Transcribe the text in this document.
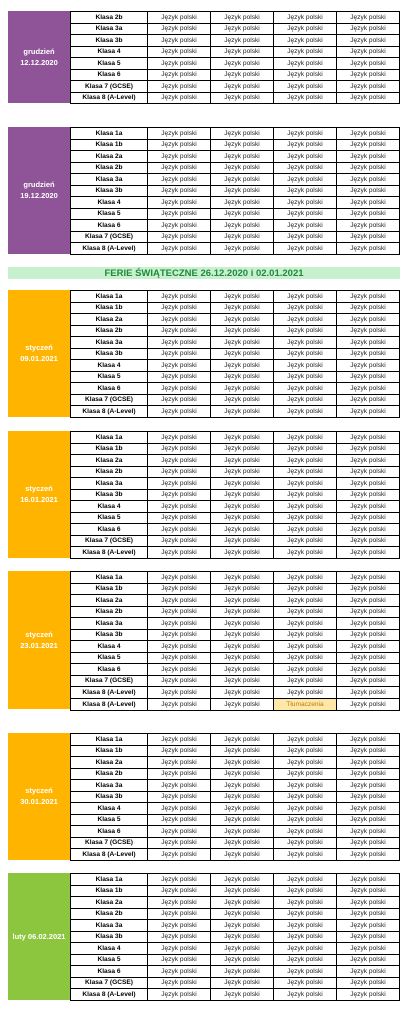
FERIE ŚWIĄTECZNE 26.12.2020 i 02.01.2021
grudzień
12.12.2020
Klasa 2b	Język polski	Język polski	Język polski	Język polski
Klasa 3a	Język polski	Język polski	Język polski	Język polski
Klasa 3b	Język polski	Język polski	Język polski	Język polski
Klasa 4	Język polski	Język polski	Język polski	Język polski
Klasa 5	Język polski	Język polski	Język polski	Język polski
Klasa 6	Język polski	Język polski	Język polski	Język polski
Klasa 7 (GCSE)	Język polski	Język polski	Język polski	Język polski
Klasa 8 (A-Level)	Język polski	Język polski	Język polski	Język polski
grudzień
19.12.2020
Klasa 1a	Język polski	Język polski	Język polski	Język polski
Klasa 1b	Język polski	Język polski	Język polski	Język polski
Klasa 2a	Język polski	Język polski	Język polski	Język polski
Klasa 2b	Język polski	Język polski	Język polski	Język polski
Klasa 3a	Język polski	Język polski	Język polski	Język polski
Klasa 3b	Język polski	Język polski	Język polski	Język polski
Klasa 4	Język polski	Język polski	Język polski	Język polski
Klasa 5	Język polski	Język polski	Język polski	Język polski
Klasa 6	Język polski	Język polski	Język polski	Język polski
Klasa 7 (GCSE)	Język polski	Język polski	Język polski	Język polski
Klasa 8 (A-Level)	Język polski	Język polski	Język polski	Język polski
styczeń
09.01.2021
Klasa 1a	Język polski	Język polski	Język polski	Język polski
Klasa 1b	Język polski	Język polski	Język polski	Język polski
Klasa 2a	Język polski	Język polski	Język polski	Język polski
Klasa 2b	Język polski	Język polski	Język polski	Język polski
Klasa 3a	Język polski	Język polski	Język polski	Język polski
Klasa 3b	Język polski	Język polski	Język polski	Język polski
Klasa 4	Język polski	Język polski	Język polski	Język polski
Klasa 5	Język polski	Język polski	Język polski	Język polski
Klasa 6	Język polski	Język polski	Język polski	Język polski
Klasa 7 (GCSE)	Język polski	Język polski	Język polski	Język polski
Klasa 8 (A-Level)	Język polski	Język polski	Język polski	Język polski
styczeń
16.01.2021
Klasa 1a	Język polski	Język polski	Język polski	Język polski
Klasa 1b	Język polski	Język polski	Język polski	Język polski
Klasa 2a	Język polski	Język polski	Język polski	Język polski
Klasa 2b	Język polski	Język polski	Język polski	Język polski
Klasa 3a	Język polski	Język polski	Język polski	Język polski
Klasa 3b	Język polski	Język polski	Język polski	Język polski
Klasa 4	Język polski	Język polski	Język polski	Język polski
Klasa 5	Język polski	Język polski	Język polski	Język polski
Klasa 6	Język polski	Język polski	Język polski	Język polski
Klasa 7 (GCSE)	Język polski	Język polski	Język polski	Język polski
Klasa 8 (A-Level)	Język polski	Język polski	Język polski	Język polski
styczeń
23.01.2021
Klasa 1a	Język polski	Język polski	Język polski	Język polski
Klasa 1b	Język polski	Język polski	Język polski	Język polski
Klasa 2a	Język polski	Język polski	Język polski	Język polski
Klasa 2b	Język polski	Język polski	Język polski	Język polski
Klasa 3a	Język polski	Język polski	Język polski	Język polski
Klasa 3b	Język polski	Język polski	Język polski	Język polski
Klasa 4	Język polski	Język polski	Język polski	Język polski
Klasa 5	Język polski	Język polski	Język polski	Język polski
Klasa 6	Język polski	Język polski	Język polski	Język polski
Klasa 7 (GCSE)	Język polski	Język polski	Język polski	Język polski
Klasa 8 (A-Level)	Język polski	Język polski	Język polski	Język polski
Klasa 8 (A-Level)	Język polski	Język polski	Tłumaczenia	Język polski
styczeń
30.01.2021
Klasa 1a	Język polski	Język polski	Język polski	Język polski
Klasa 1b	Język polski	Język polski	Język polski	Język polski
Klasa 2a	Język polski	Język polski	Język polski	Język polski
Klasa 2b	Język polski	Język polski	Język polski	Język polski
Klasa 3a	Język polski	Język polski	Język polski	Język polski
Klasa 3b	Język polski	Język polski	Język polski	Język polski
Klasa 4	Język polski	Język polski	Język polski	Język polski
Klasa 5	Język polski	Język polski	Język polski	Język polski
Klasa 6	Język polski	Język polski	Język polski	Język polski
Klasa 7 (GCSE)	Język polski	Język polski	Język polski	Język polski
Klasa 8 (A-Level)	Język polski	Język polski	Język polski	Język polski
luty 06.02.2021
Klasa 1a	Język polski	Język polski	Język polski	Język polski
Klasa 1b	Język polski	Język polski	Język polski	Język polski
Klasa 2a	Język polski	Język polski	Język polski	Język polski
Klasa 2b	Język polski	Język polski	Język polski	Język polski
Klasa 3a	Język polski	Język polski	Język polski	Język polski
Klasa 3b	Język polski	Język polski	Język polski	Język polski
Klasa 4	Język polski	Język polski	Język polski	Język polski
Klasa 5	Język polski	Język polski	Język polski	Język polski
Klasa 6	Język polski	Język polski	Język polski	Język polski
Klasa 7 (GCSE)	Język polski	Język polski	Język polski	Język polski
Klasa 8 (A-Level)	Język polski	Język polski	Język polski	Język polski
